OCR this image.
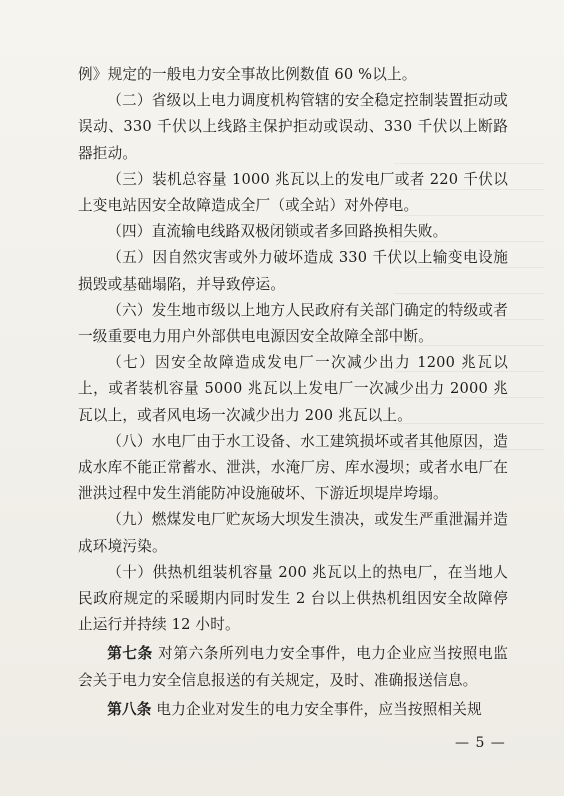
例》规定的一般电力安全事故比例数值 60 %以上。

（二）省级以上电力调度机构管辖的安全稳定控制装置拒动或误动、330 千伏以上线路主保护拒动或误动、330 千伏以上断路器拒动。

（三）装机总容量 1000 兆瓦以上的发电厂或者 220 千伏以上变电站因安全故障造成全厂（或全站）对外停电。

（四）直流输电线路双极闭锁或者多回路换相失败。

（五）因自然灾害或外力破坏造成 330 千伏以上输变电设施损毁或基础塌陷，并导致停运。

（六）发生地市级以上地方人民政府有关部门确定的特级或者一级重要电力用户外部供电电源因安全故障全部中断。

（七）因安全故障造成发电厂一次减少出力 1200 兆瓦以上，或者装机容量 5000 兆瓦以上发电厂一次减少出力 2000 兆瓦以上，或者风电场一次减少出力 200 兆瓦以上。

（八）水电厂由于水工设备、水工建筑损坏或者其他原因，造成水库不能正常蓄水、泄洪，水淹厂房、库水漫坝；或者水电厂在泄洪过程中发生消能防冲设施破坏、下游近坝堤岸垮塌。

（九）燃煤发电厂贮灰场大坝发生溃决，或发生严重泄漏并造成环境污染。

（十）供热机组装机容量 200 兆瓦以上的热电厂，在当地人民政府规定的采暖期内同时发生 2 台以上供热机组因安全故障停止运行并持续 12 小时。

第七条 对第六条所列电力安全事件，电力企业应当按照电监会关于电力安全信息报送的有关规定，及时、准确报送信息。

第八条 电力企业对发生的电力安全事件，应当按照相关规

— 5 —
